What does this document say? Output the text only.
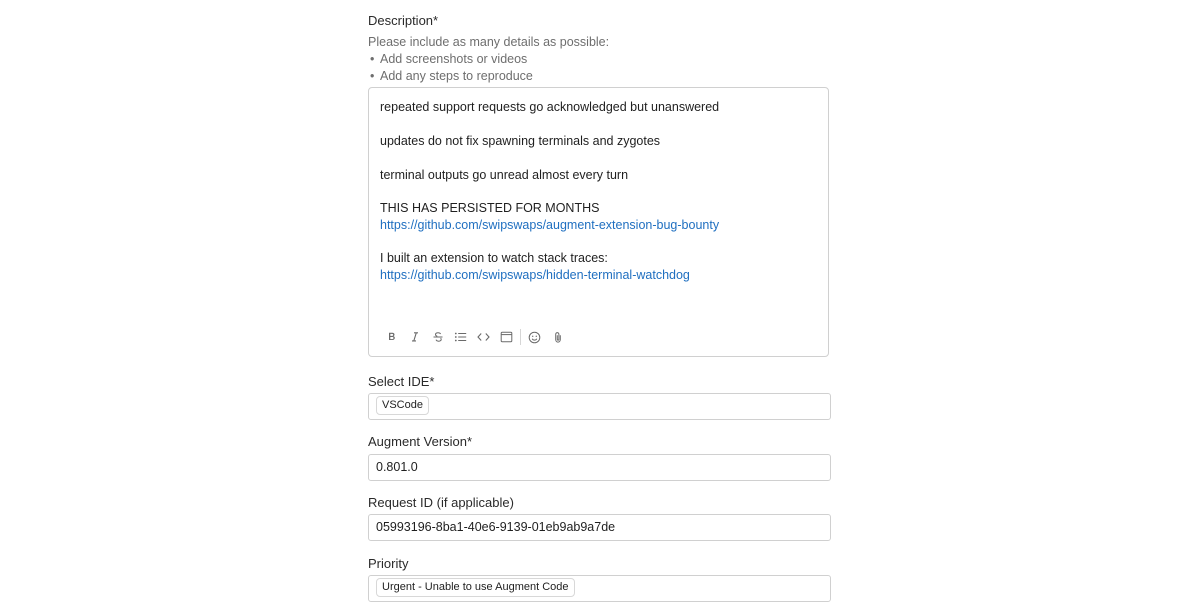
Description*
Please include as many details as possible:
• Add screenshots or videos
• Add any steps to reproduce
repeated support requests go acknowledged but unanswered
updates do not fix spawning terminals and zygotes
terminal outputs go unread almost every turn
THIS HAS PERSISTED FOR MONTHS
https://github.com/swipswaps/augment-extension-bug-bounty
I built an extension to watch stack traces:
https://github.com/swipswaps/hidden-terminal-watchdog
Select IDE*
VSCode
Augment Version*
0.801.0
Request ID (if applicable)
05993196-8ba1-40e6-9139-01eb9ab9a7de
Priority
Urgent - Unable to use Augment Code
